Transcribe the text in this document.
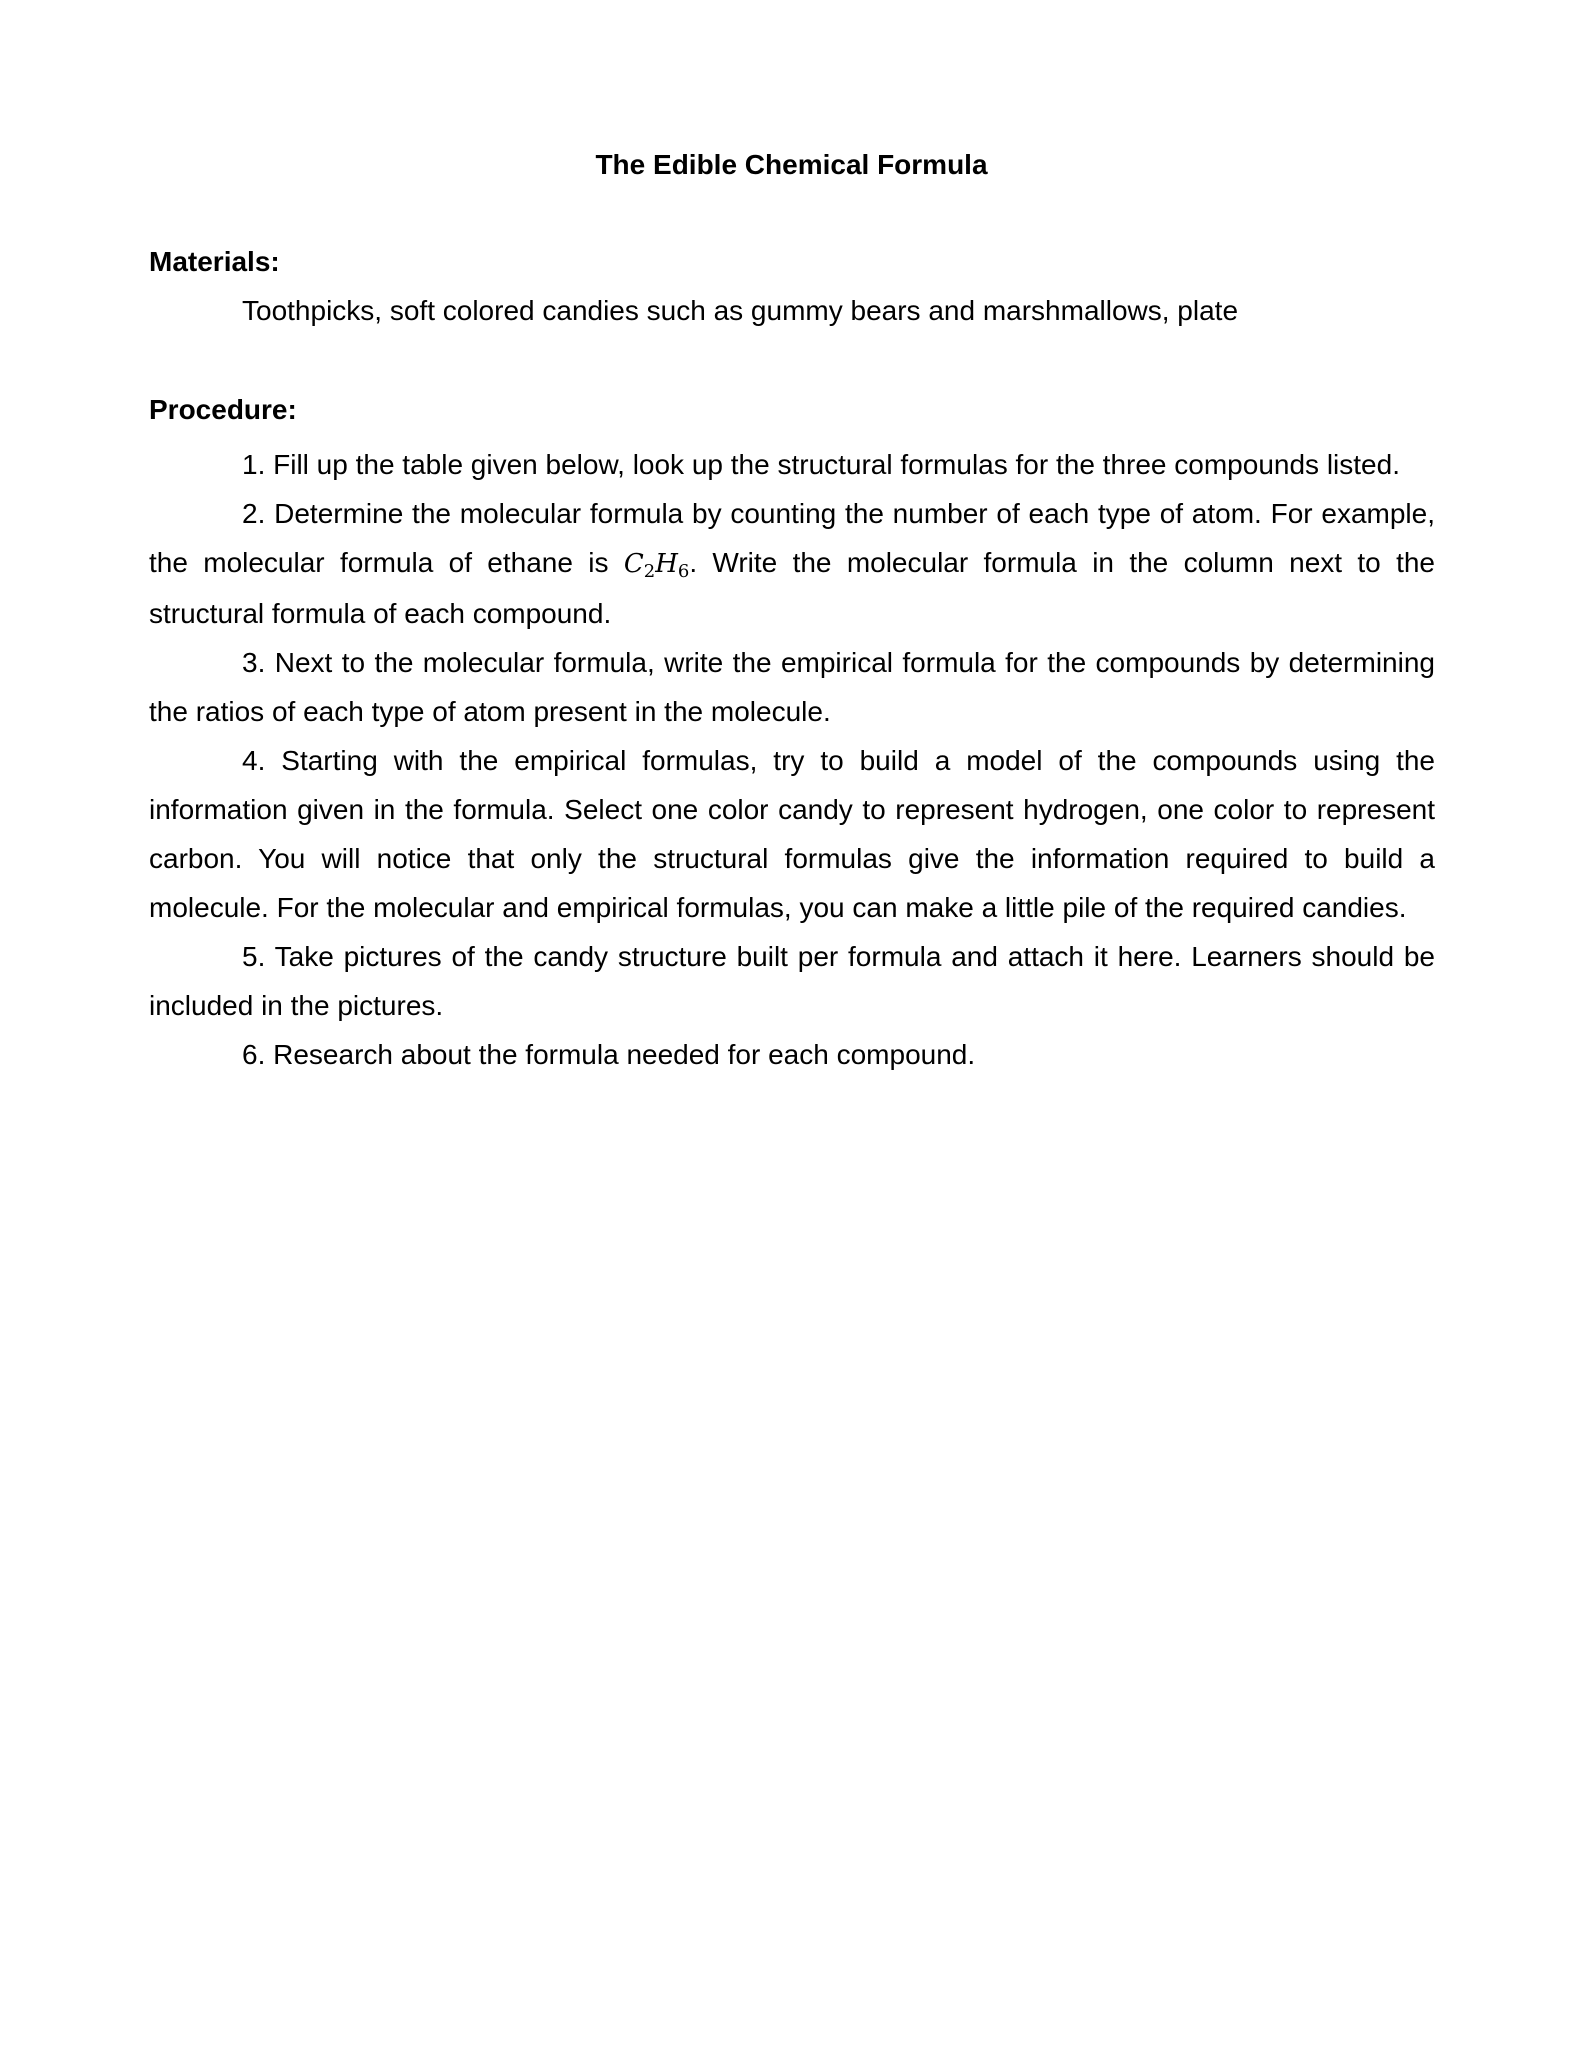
The Edible Chemical Formula
Materials:
Toothpicks, soft colored candies such as gummy bears and marshmallows, plate
Procedure:

1. Fill up the table given below, look up the structural formulas for the three compounds listed.

2. Determine the molecular formula by counting the number of each type of atom. For example, the molecular formula of ethane is $C_2H_6$. Write the molecular formula in the column next to the structural formula of each compound.

3. Next to the molecular formula, write the empirical formula for the compounds by determining the ratios of each type of atom present in the molecule.

4. Starting with the empirical formulas, try to build a model of the compounds using the information given in the formula. Select one color candy to represent hydrogen, one color to represent carbon. You will notice that only the structural formulas give the information required to build a molecule. For the molecular and empirical formulas, you can make a little pile of the required candies.

5. Take pictures of the candy structure built per formula and attach it here. Learners should be included in the pictures.

6. Research about the formula needed for each compound.
